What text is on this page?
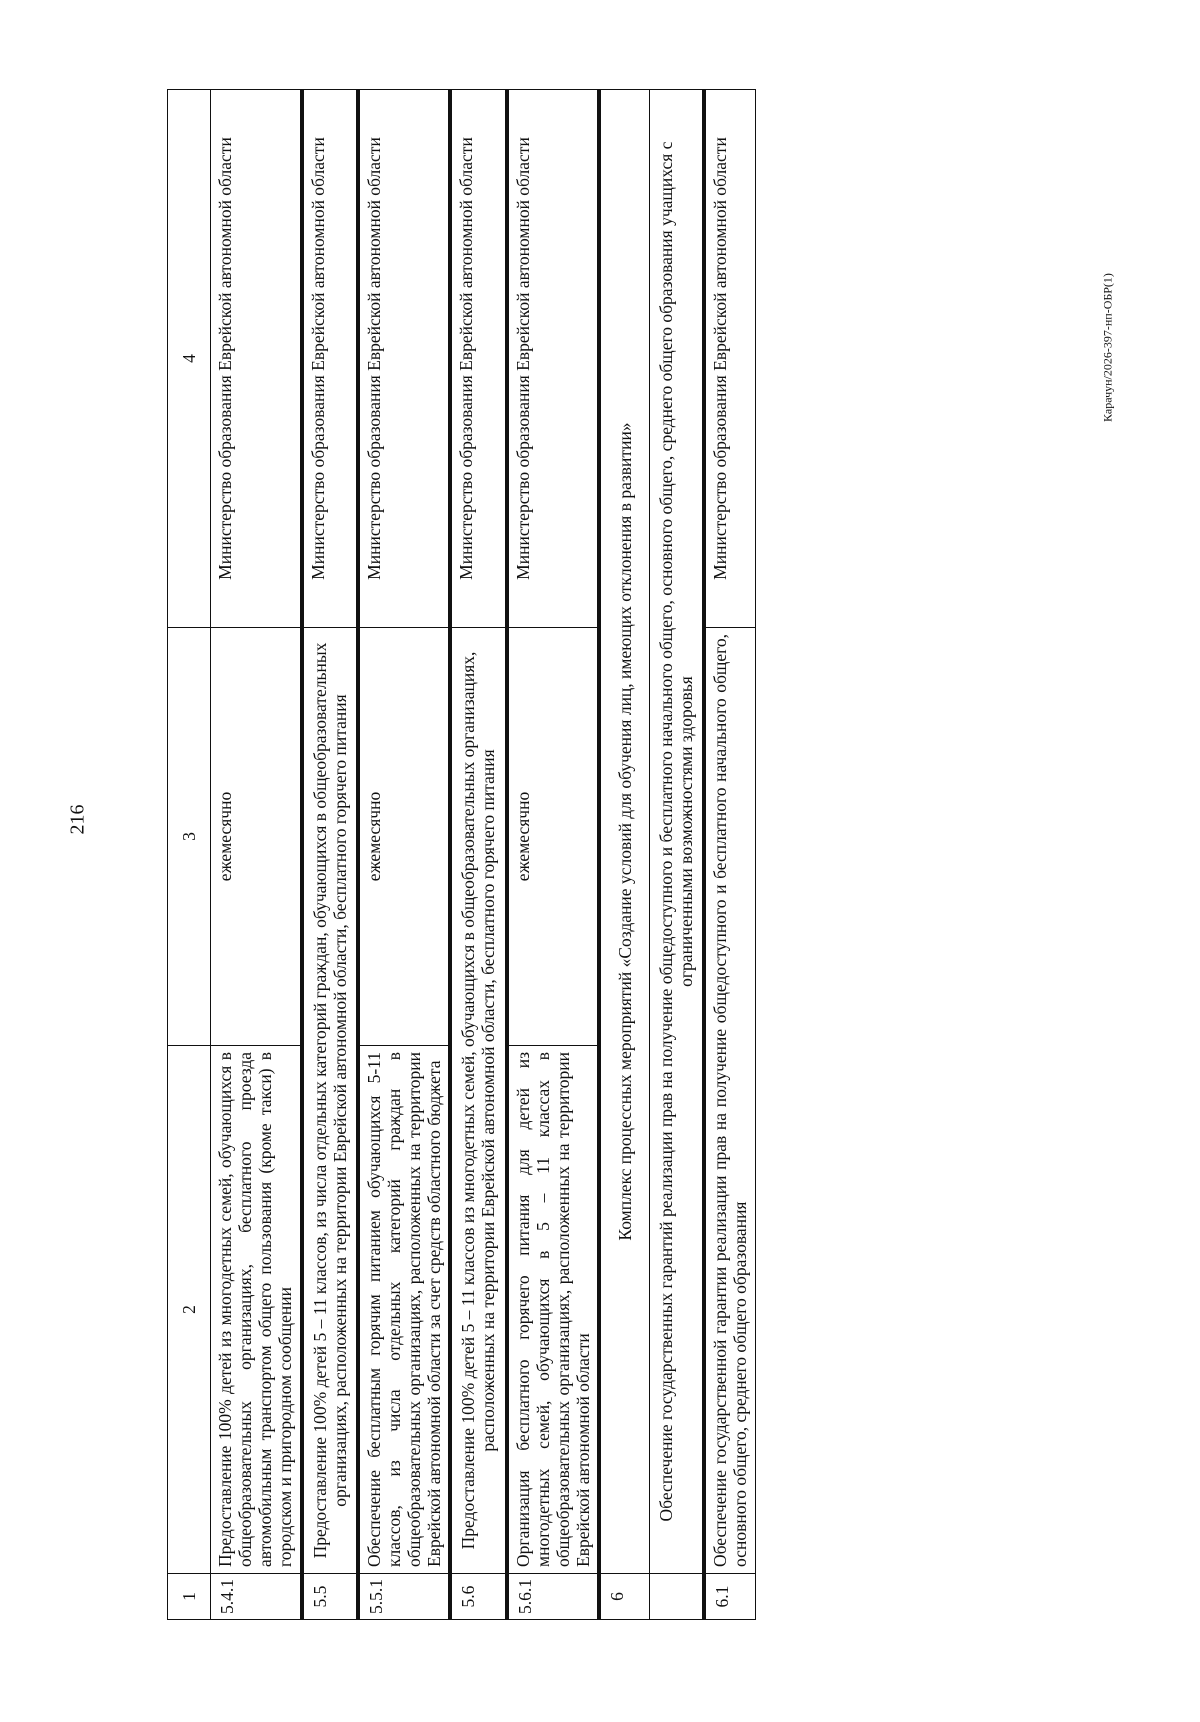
216
Карачун/2026-397-нп-ОБР(1)
1	2	3	4
5.4.1	Предоставление 100% детей из многодетных семей, обучающихся в общеобразовательных организациях, бесплатного проезда автомобильным транспортом общего пользования (кроме такси) в городском и пригородном сообщении	ежемесячно	Министерство образования Еврейской автономной области
5.5	Предоставление 100% детей 5 – 11 классов, из числа отдельных категорий граждан, обучающихся в общеобразовательных организациях, расположенных на территории Еврейской автономной области, бесплатного горячего питания		Министерство образования Еврейской автономной области
5.5.1	Обеспечение бесплатным горячим питанием обучающихся 5-11 классов, из числа отдельных категорий граждан в общеобразовательных организациях, расположенных на территории Еврейской автономной области за счет средств областного бюджета	ежемесячно	Министерство образования Еврейской автономной области
5.6	Предоставление 100% детей 5 – 11 классов из многодетных семей, обучающихся в общеобразовательных организациях, расположенных на территории Еврейской автономной области, бесплатного горячего питания		Министерство образования Еврейской автономной области
5.6.1	Организация бесплатного горячего питания для детей из многодетных семей, обучающихся в 5 – 11 классах в общеобразовательных организациях, расположенных на территории Еврейской автономной области	ежемесячно	Министерство образования Еврейской автономной области
6	Комплекс процессных мероприятий «Создание условий для обучения лиц, имеющих отклонения в развитии»		
	Обеспечение государственных гарантий реализации прав на получение общедоступного и бесплатного начального общего, основного общего, среднего общего образования учащихся с ограниченными возможностями здоровья		
6.1	Обеспечение государственной гарантии реализации прав на получение общедоступного и бесплатного начального общего, основного общего, среднего общего образования		Министерство образования Еврейской автономной области
